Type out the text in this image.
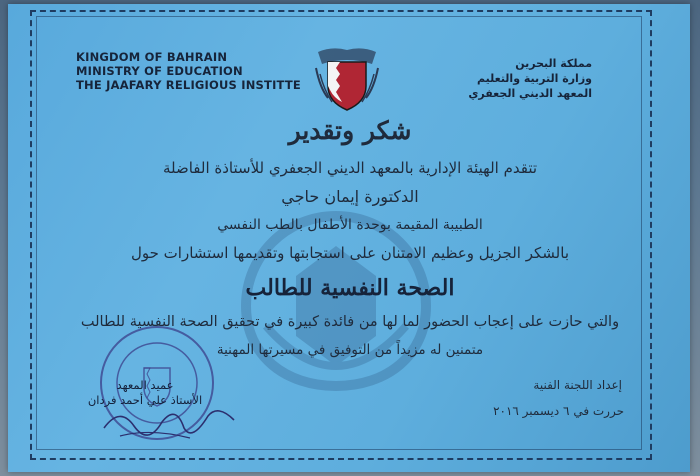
KINGDOM OF BAHRAIN
MINISTRY OF EDUCATION
THE JAAFARY RELIGIOUS INSTITTE
مملكة البحرين
وزارة التربية والتعليم
المعهد الديني الجعفري
شكر وتقدير
تتقدم الهيئة الإدارية بالمعهد الديني الجعفري للأستاذة الفاضلة
الدكتورة إيمان حاجي
الطبيبة المقيمة بوحدة الأطفال بالطب النفسي
بالشكر الجزيل وعظيم الامتنان على استجابتها وتقديمها استشارات حول
الصحة النفسية للطالب
والتي حازت على إعجاب الحضور لما لها من فائدة كبيرة في تحقيق الصحة النفسية للطالب
متمنين له مزيداً من التوفيق في مسيرتها المهنية
إعداد اللجنة الفنية
حررت في ٦ ديسمبر ٢٠١٦
عميد المعهد
الأستاذ علي أحمد فردان
